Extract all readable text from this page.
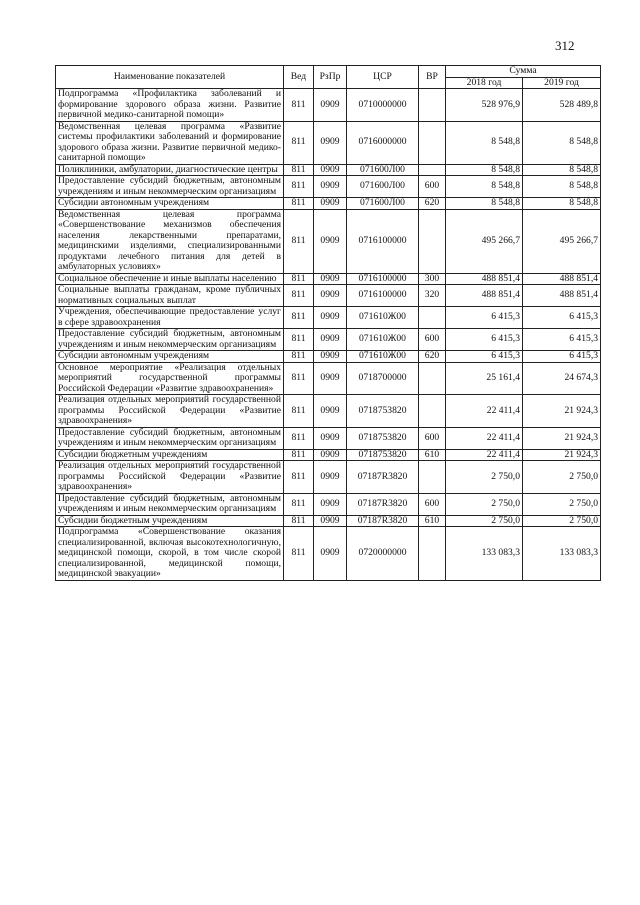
312
Наименование показателей	Вед	РзПр	ЦСР	ВР	Сумма	
					2018 год	2019 год
Подпрограмма «Профилактика заболеваний и формирование здорового образа жизни. Развитие первичной медико-санитарной помощи»	811	0909	0710000000		528 976,9	528 489,8
Ведомственная целевая программа «Развитие системы профилактики заболеваний и формирование здорового образа жизни. Развитие первичной медико-санитарной помощи»	811	0909	0716000000		8 548,8	8 548,8
Поликлиники, амбулатории, диагностические центры	811	0909	071600Л00		8 548,8	8 548,8
Предоставление субсидий бюджетным, автономным учреждениям и иным некоммерческим организациям	811	0909	071600Л00	600	8 548,8	8 548,8
Субсидии автономным учреждениям	811	0909	071600Л00	620	8 548,8	8 548,8
Ведомственная целевая программа «Совершенствование механизмов обеспечения населения лекарственными препаратами, медицинскими изделиями, специализированными продуктами лечебного питания для детей в амбулаторных условиях»	811	0909	0716100000		495 266,7	495 266,7
Социальное обеспечение и иные выплаты населению	811	0909	0716100000	300	488 851,4	488 851,4
Социальные выплаты гражданам, кроме публичных нормативных социальных выплат	811	0909	0716100000	320	488 851,4	488 851,4
Учреждения, обеспечивающие предоставление услуг в сфере здравоохранения	811	0909	071610Ж00		6 415,3	6 415,3
Предоставление субсидий бюджетным, автономным учреждениям и иным некоммерческим организациям	811	0909	071610Ж00	600	6 415,3	6 415,3
Субсидии автономным учреждениям	811	0909	071610Ж00	620	6 415,3	6 415,3
Основное мероприятие «Реализация отдельных мероприятий государственной программы Российской Федерации «Развитие здравоохранения»	811	0909	0718700000		25 161,4	24 674,3
Реализация отдельных мероприятий государственной программы Российской Федерации «Развитие здравоохранения»	811	0909	0718753820		22 411,4	21 924,3
Предоставление субсидий бюджетным, автономным учреждениям и иным некоммерческим организациям	811	0909	0718753820	600	22 411,4	21 924,3
Субсидии бюджетным учреждениям	811	0909	0718753820	610	22 411,4	21 924,3
Реализация отдельных мероприятий государственной программы Российской Федерации «Развитие здравоохранения»	811	0909	07187R3820		2 750,0	2 750,0
Предоставление субсидий бюджетным, автономным учреждениям и иным некоммерческим организациям	811	0909	07187R3820	600	2 750,0	2 750,0
Субсидии бюджетным учреждениям	811	0909	07187R3820	610	2 750,0	2 750,0
Подпрограмма «Совершенствование оказания специализированной, включая высокотехнологичную, медицинской помощи, скорой, в том числе скорой специализированной, медицинской помощи, медицинской эвакуации»	811	0909	0720000000		133 083,3	133 083,3
